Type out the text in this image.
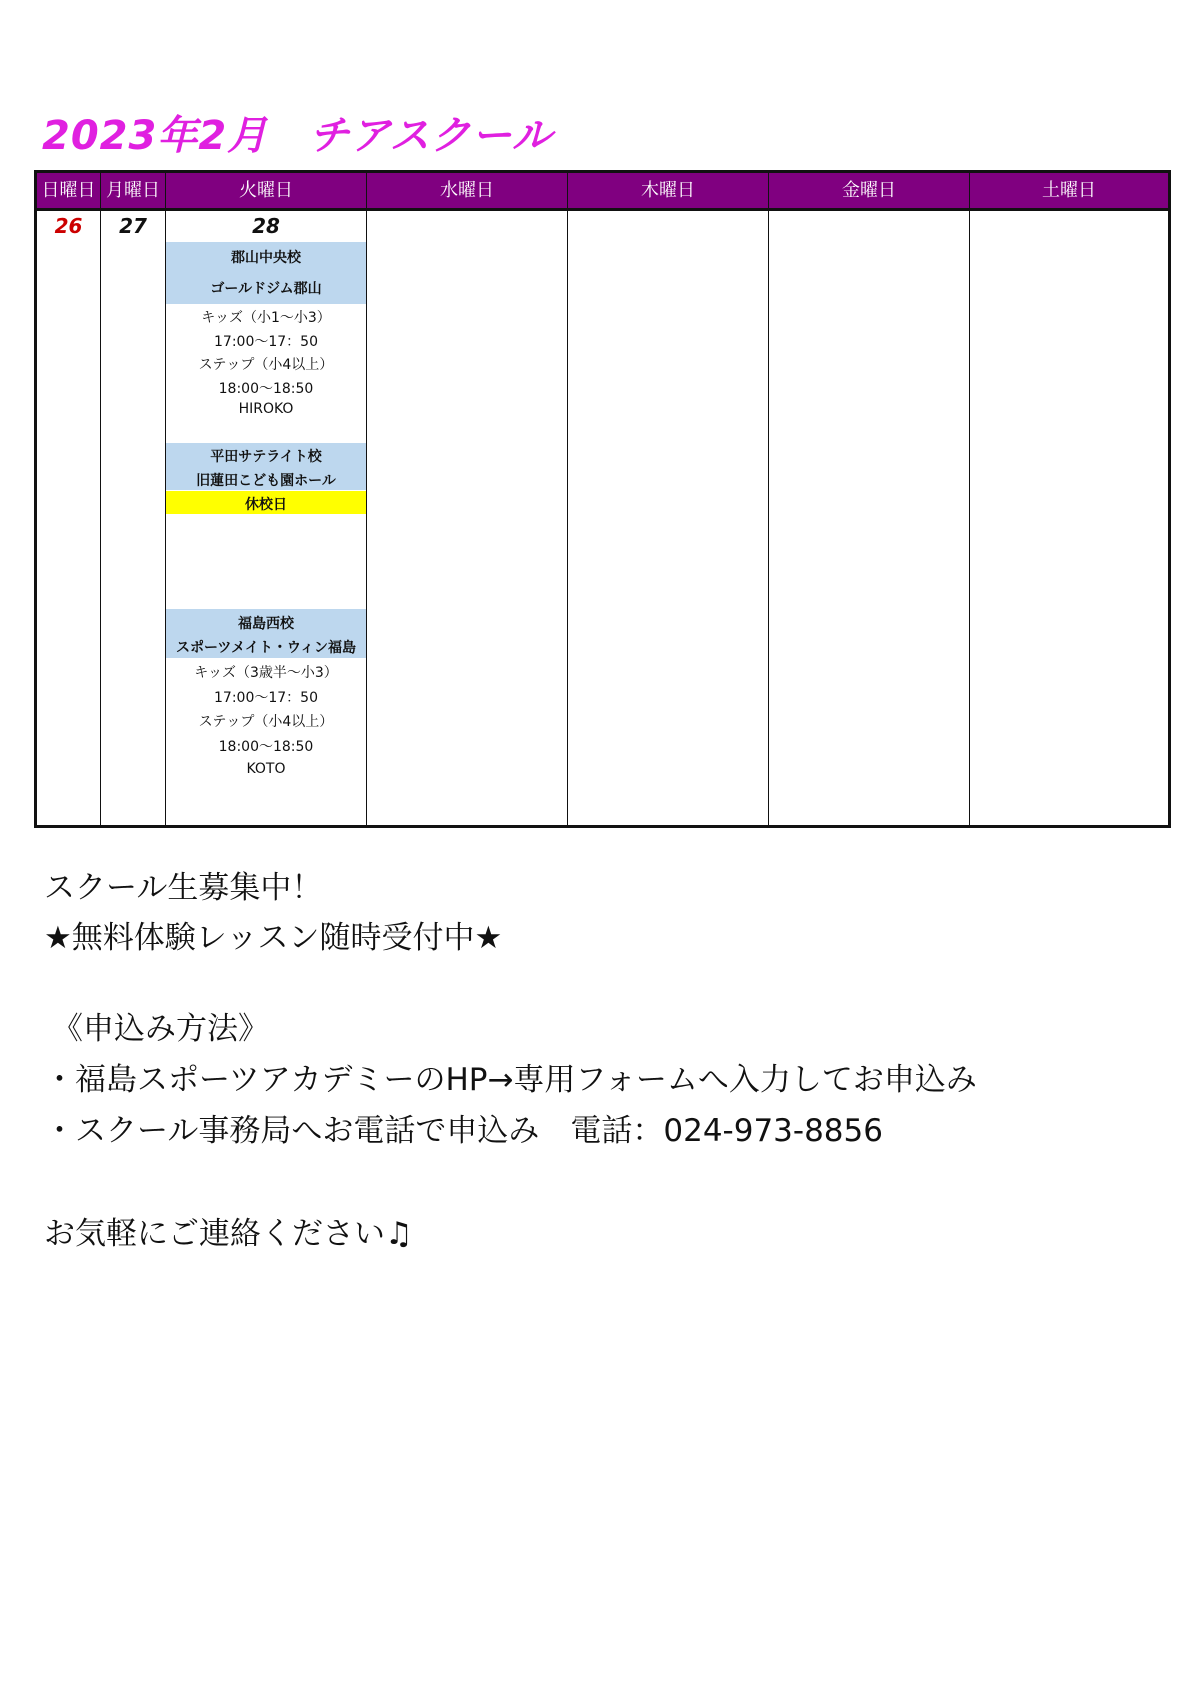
2023年2月　チアスクール
日曜日 月曜日	火曜日	水曜日	木曜日	金曜日	土曜日
26	27	28
郡山中央校
ゴールドジム郡山
キッズ（小1～小3）
17:00～17：50
ステップ（小4以上）
18:00～18:50
HIROKO
平田サテライト校
旧蓮田こども園ホール
休校日
福島西校
スポーツメイト・ウィン福島
キッズ（3歳半～小3）
17:00～17：50
ステップ（小4以上）
18:00～18:50
KOTO
スクール生募集中！
★無料体験レッスン随時受付中★
《申込み方法》
・福島スポーツアカデミーのHP→専用フォームへ入力してお申込み
・スクール事務局へお電話で申込み　電話：024-973-8856
お気軽にご連絡ください♫
